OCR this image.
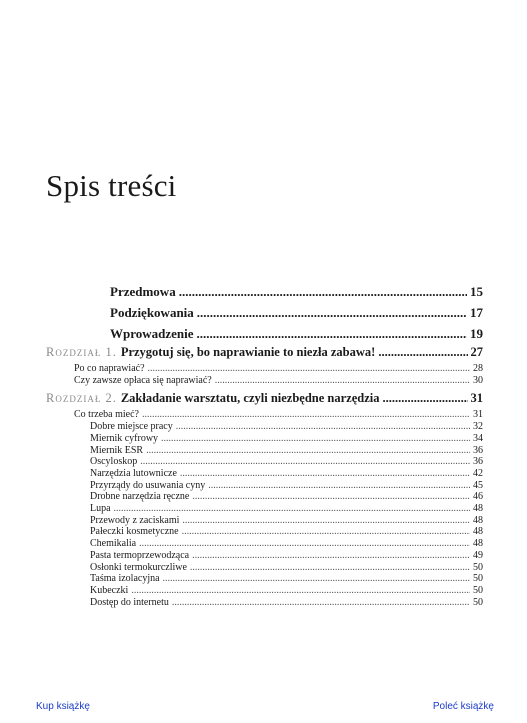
Spis treści
Przedmowa .....	15
Podziękowania .....	17
Wprowadzenie .....	19
Rozdział 1. Przygotuj się, bo naprawianie to niezła zabawa! .....	27
Po co naprawiać? .....	28
Czy zawsze opłaca się naprawiać? .....	30
Rozdział 2. Zakładanie warsztatu, czyli niezbędne narzędzia .....	31
Co trzeba mieć? .....	31
Dobre miejsce pracy .....	32
Miernik cyfrowy .....	34
Miernik ESR .....	36
Oscyloskop .....	36
Narzędzia lutownicze .....	42
Przyrządy do usuwania cyny .....	45
Drobne narzędzia ręczne .....	46
Lupa .....	48
Przewody z zaciskami .....	48
Pałeczki kosmetyczne .....	48
Chemikalia .....	48
Pasta termoprzewodząca .....	49
Osłonki termokurczliwe .....	50
Taśma izolacyjna .....	50
Kubeczki .....	50
Dostęp do internetu .....	50
Kup książkę	Poleć książkę
